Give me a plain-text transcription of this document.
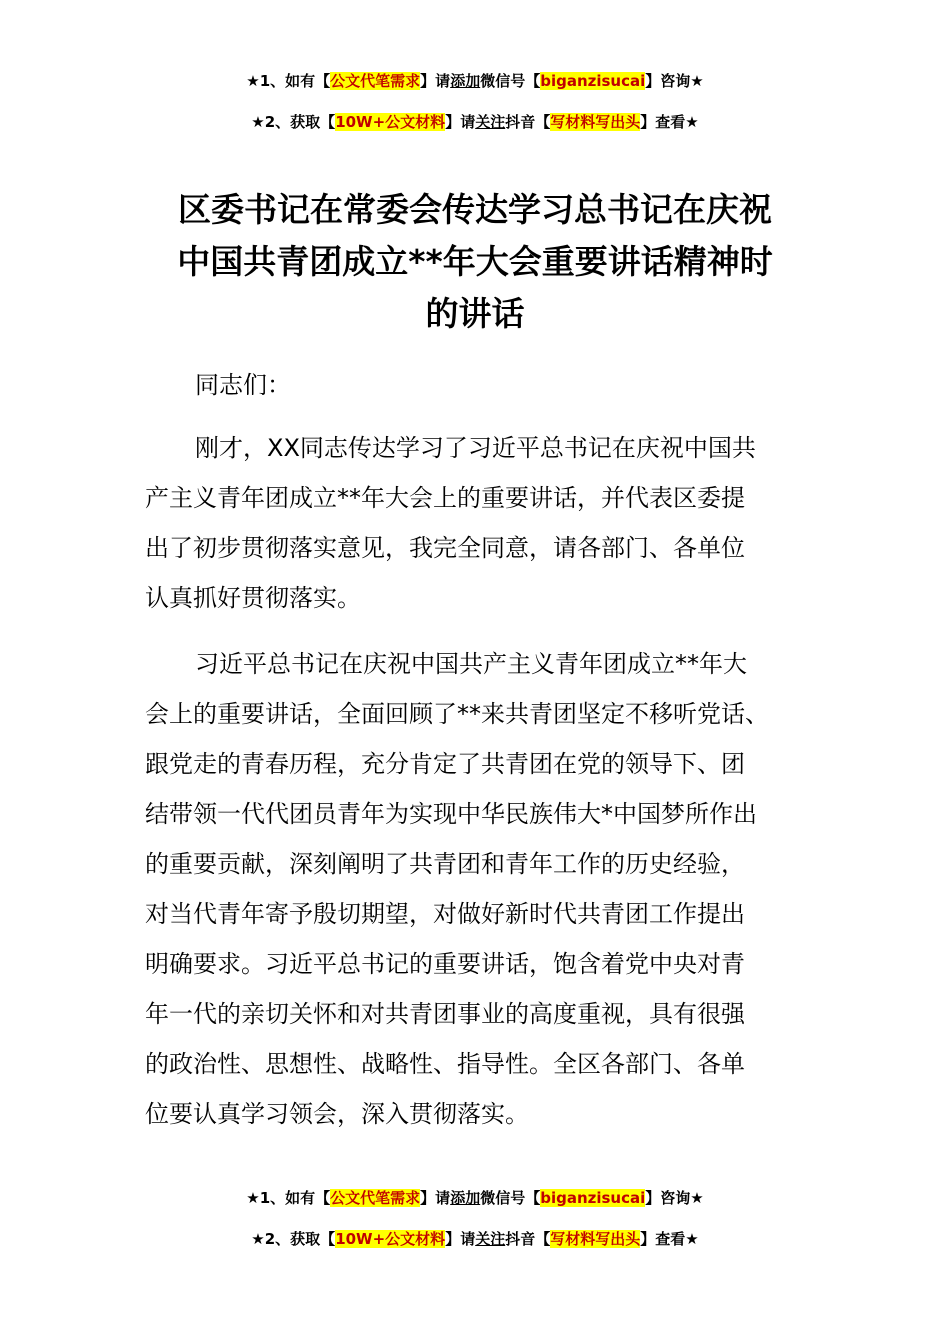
★1、如有【公文代笔需求】请添加微信号【biganzisucai】咨询★
★2、获取【10W+公文材料】请关注抖音【写材料写出头】查看★
区委书记在常委会传达学习总书记在庆祝
中国共青团成立**年大会重要讲话精神时
的讲话
同志们：
刚才，XX同志传达学习了习近平总书记在庆祝中国共
产主义青年团成立**年大会上的重要讲话，并代表区委提
出了初步贯彻落实意见，我完全同意，请各部门、各单位
认真抓好贯彻落实。
习近平总书记在庆祝中国共产主义青年团成立**年大
会上的重要讲话，全面回顾了**来共青团坚定不移听党话、
跟党走的青春历程，充分肯定了共青团在党的领导下、团
结带领一代代团员青年为实现中华民族伟大*中国梦所作出
的重要贡献，深刻阐明了共青团和青年工作的历史经验，
对当代青年寄予殷切期望，对做好新时代共青团工作提出
明确要求。习近平总书记的重要讲话，饱含着党中央对青
年一代的亲切关怀和对共青团事业的高度重视，具有很强
的政治性、思想性、战略性、指导性。全区各部门、各单
位要认真学习领会，深入贯彻落实。
★1、如有【公文代笔需求】请添加微信号【biganzisucai】咨询★
★2、获取【10W+公文材料】请关注抖音【写材料写出头】查看★
